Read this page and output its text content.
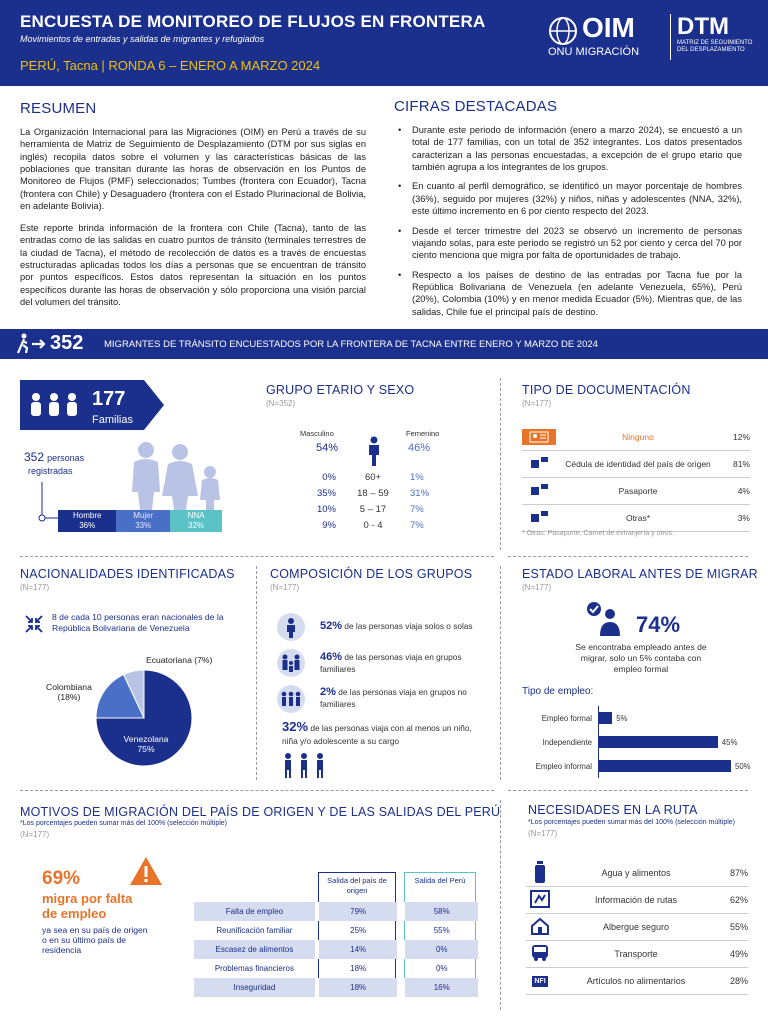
ENCUESTA DE MONITOREO DE FLUJOS EN FRONTERA
Movimientos de entradas y salidas de migrantes y refugiados
PERÚ, Tacna | RONDA 6 – ENERO A MARZO 2024
OIM
ONU MIGRACIÓN
DTM
MATRIZ DE SEGUIMIENTO DEL DESPLAZAMIENTO
RESUMEN
La Organización Internacional para las Migraciones (OIM) en Perú a través de su herramienta de Matriz de Seguimiento de Desplazamiento (DTM por sus siglas en inglés) recopila datos sobre el volumen y las características básicas de las poblaciones que transitan durante las horas de observación en los Puntos de Monitoreo de Flujos (PMF) seleccionados; Tumbes (frontera con Ecuador), Tacna (frontera con Chile) y Desaguadero (frontera con el Estado Plurinacional de Bolivia, en adelante Bolivia).
Este reporte brinda información de la frontera con Chile (Tacna), tanto de las entradas como de las salidas en cuatro puntos de tránsito (terminales terrestres de la ciudad de Tacna), el método de recolección de datos es a través de encuestas estructuradas aplicadas todos los días a personas que se encuentran de tránsito por puntos específicos. Estos datos representan la situación en los puntos específicos durante las horas de observación y sólo proporciona una visión parcial del volumen del tránsito.
CIFRAS DESTACADAS
• Durante este periodo de información (enero a marzo 2024), se encuestó a un total de 177 familias, con un total de 352 integrantes. Los datos presentados caracterizan a las personas encuestadas, a excepción de el grupo etario que también agrupa a los integrantes de los grupos.
• En cuanto al perfil demográfico, se identificó un mayor porcentaje de hombres (36%), seguido por mujeres (32%) y niños, niñas y adolescentes (NNA, 32%), este último incremento en 6 por ciento respecto del 2023.
• Desde el tercer trimestre del 2023 se observó un incremento de personas viajando solas, para este periodo se registró un 52 por ciento y cerca del 70 por ciento menciona que migra por falta de oportunidades de trabajo.
• Respecto a los países de destino de las entradas por Tacna fue por la República Bolivariana de Venezuela (en adelante Venezuela, 65%), Perú (20%), Colombia (10%) y en menor medida Ecuador (5%). Mientras que, de las salidas, Chile fue el principal país de destino.
352 MIGRANTES DE TRÁNSITO ENCUESTADOS POR LA FRONTERA DE TACNA ENTRE ENERO Y MARZO DE 2024
177
Familias
352 personas
registradas
Hombre
36%
Mujer
33%
NNA
32%
GRUPO ETARIO Y SEXO
(N=352)
Masculino	Femenino
54%	46%
0%	60+	1%
35%	18 – 59	31%
10%	5 – 17	7%
9%	0 - 4	7%
TIPO DE DOCUMENTACIÓN
(N=177)
Ninguno	12%
Cédula de identidad del país de origen	81%
Pasaporte	4%
Otras*	3%
* Otras: Pasaporte, Carnet de extranjería y otros.
NACIONALIDADES IDENTIFICADAS
(N=177)
8 de cada 10 personas eran nacionales de la República Bolivariana de Venezuela
Ecuatoriana (7%)
Colombiana
(18%)
Venezolana
75%
COMPOSICIÓN DE LOS GRUPOS
(N=177)
52% de las personas viaja solos o solas
46% de las personas viaja en grupos familiares
2% de las personas viaja en grupos no familiares
32% de las personas viaja con al menos un niño, niña y/o adolescente a su cargo
ESTADO LABORAL ANTES DE MIGRAR
(N=177)
74%
Se encontraba empleado antes de migrar, solo un 5% contaba con empleo formal
Tipo de empleo:
Empleo formal	5%
Independiente	45%
Empleo informal	50%
MOTIVOS DE MIGRACIÓN DEL PAÍS DE ORIGEN Y DE LAS SALIDAS DEL PERÚ
*Los porcentajes pueden sumar más del 100% (selección múltiple)
(N=177)
69%
migra por falta
de empleo
ya sea en su país de origen o en su último país de residencia
Salida del país de origen
Salida del Perú
Falta de empleo		79%		58%
Reunificación familiar		25%		55%
Escasez de alimentos		14%		0%
Problemas financieros		18%		0%
Inseguridad		18%		16%
NECESIDADES EN LA RUTA
*Los porcentajes pueden sumar más del 100% (selección múltiple)
(N=177)
Agua y alimentos	87%
Información de rutas	62%
Albergue seguro	55%
Transporte	49%
NFI	Artículos no alimentarios	28%
